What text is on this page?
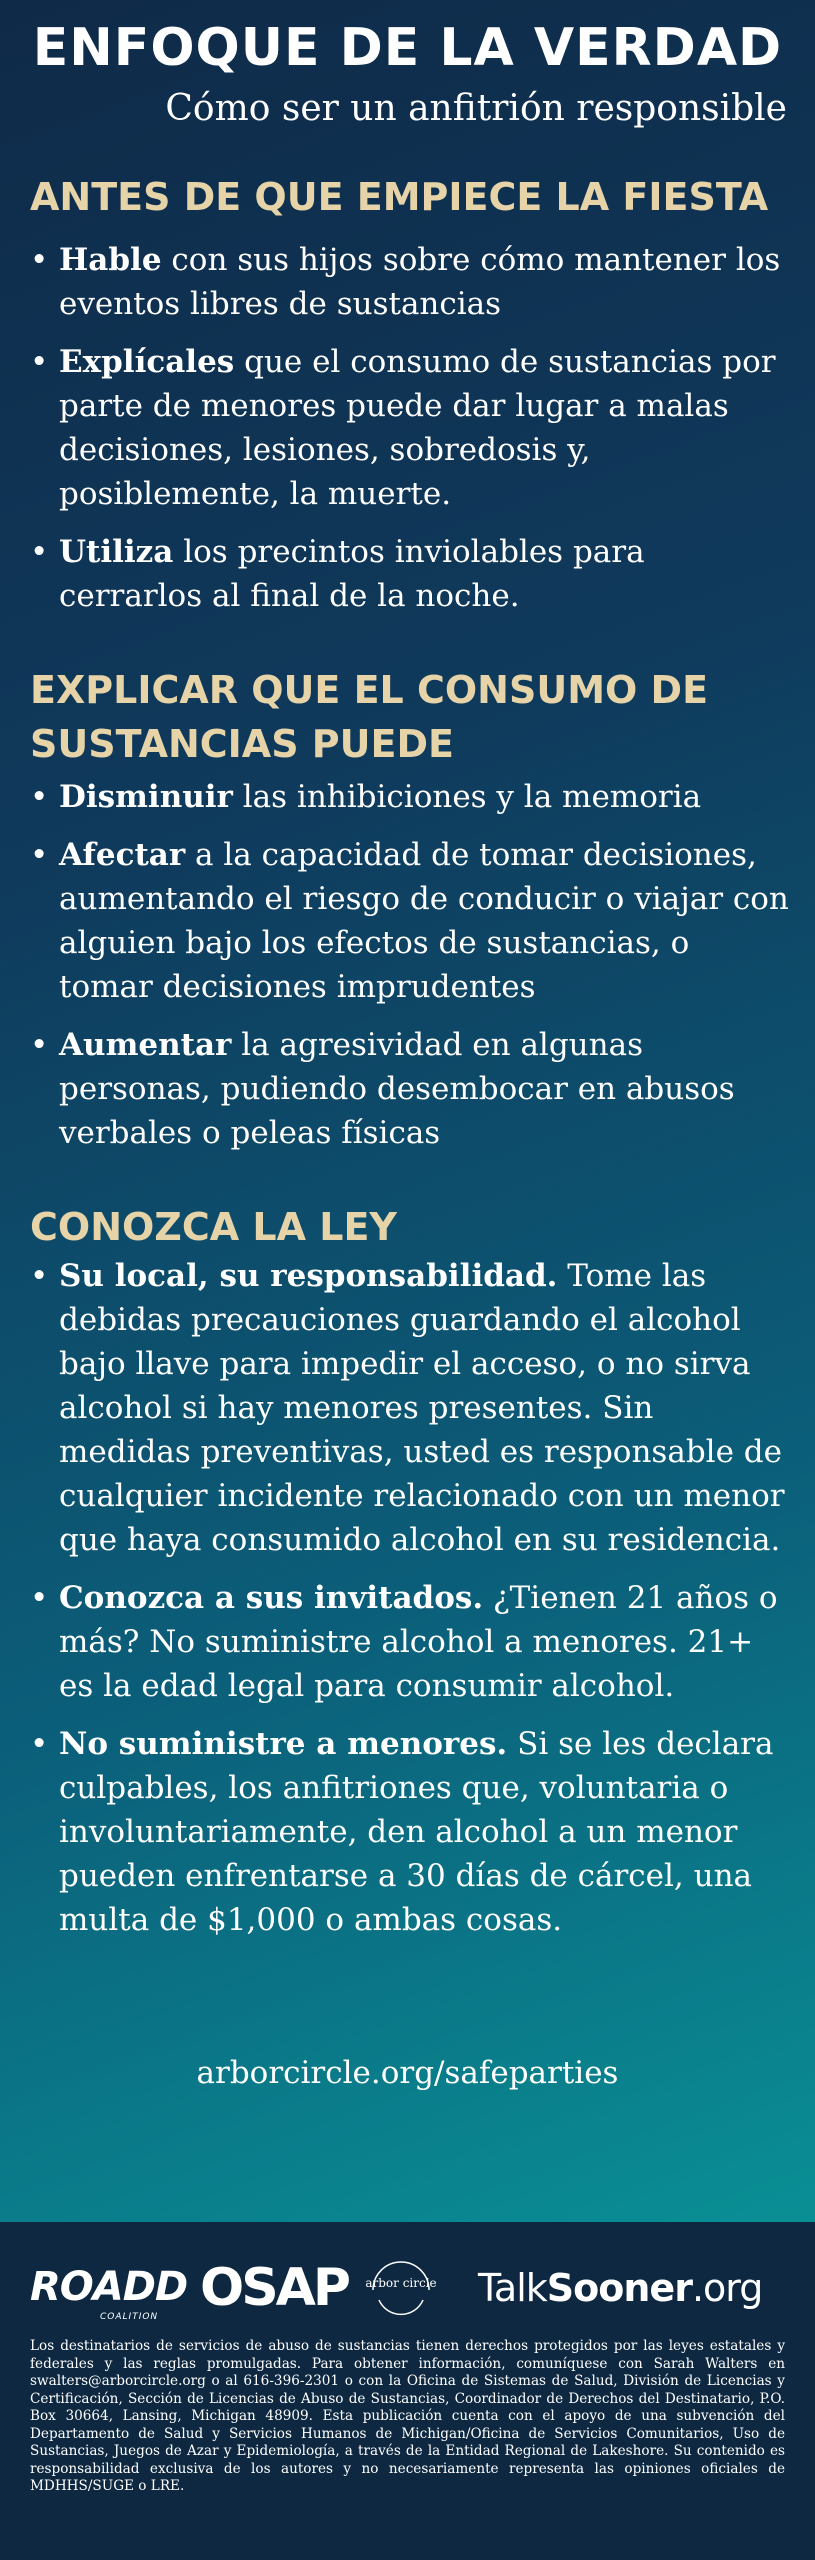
ENFOQUE DE LA VERDAD
Cómo ser un anfitrión responsible
ANTES DE QUE EMPIECE LA FIESTA
• Hable con sus hijos sobre cómo mantener los eventos libres de sustancias
• Explícales que el consumo de sustancias por parte de menores puede dar lugar a malas decisiones, lesiones, sobredosis y, posiblemente, la muerte.
• Utiliza los precintos inviolables para cerrarlos al final de la noche.
EXPLICAR QUE EL CONSUMO DE SUSTANCIAS PUEDE
• Disminuir las inhibiciones y la memoria
• Afectar a la capacidad de tomar decisiones, aumentando el riesgo de conducir o viajar con alguien bajo los efectos de sustancias, o tomar decisiones imprudentes
• Aumentar la agresividad en algunas personas, pudiendo desembocar en abusos verbales o peleas físicas
CONOZCA LA LEY
• Su local, su responsabilidad. Tome las debidas precauciones guardando el alcohol bajo llave para impedir el acceso, o no sirva alcohol si hay menores presentes. Sin medidas preventivas, usted es responsable de cualquier incidente relacionado con un menor que haya consumido alcohol en su residencia.
• Conozca a sus invitados. ¿Tienen 21 años o más? No suministre alcohol a menores. 21+ es la edad legal para consumir alcohol.
• No suministre a menores. Si se les declara culpables, los anfitriones que, voluntaria o involuntariamente, den alcohol a un menor pueden enfrentarse a 30 días de cárcel, una multa de $1,000 o ambas cosas.
arborcircle.org/safeparties
ROADD
COALITION OSAP arbor circle TalkSooner.org
Los destinatarios de servicios de abuso de sustancias tienen derechos protegidos por las leyes estatales y federales y las reglas promulgadas. Para obtener información, comuníquese con Sarah Walters en swalters@arborcircle.org o al 616-396-2301 o con la Oficina de Sistemas de Salud, División de Licencias y Certificación, Sección de Licencias de Abuso de Sustancias, Coordinador de Derechos del Destinatario, P.O. Box 30664, Lansing, Michigan 48909. Esta publicación cuenta con el apoyo de una subvención del Departamento de Salud y Servicios Humanos de Michigan/Oficina de Servicios Comunitarios, Uso de Sustancias, Juegos de Azar y Epidemiología, a través de la Entidad Regional de Lakeshore. Su contenido es responsabilidad exclusiva de los autores y no necesariamente representa las opiniones oficiales de MDHHS/SUGE o LRE.
